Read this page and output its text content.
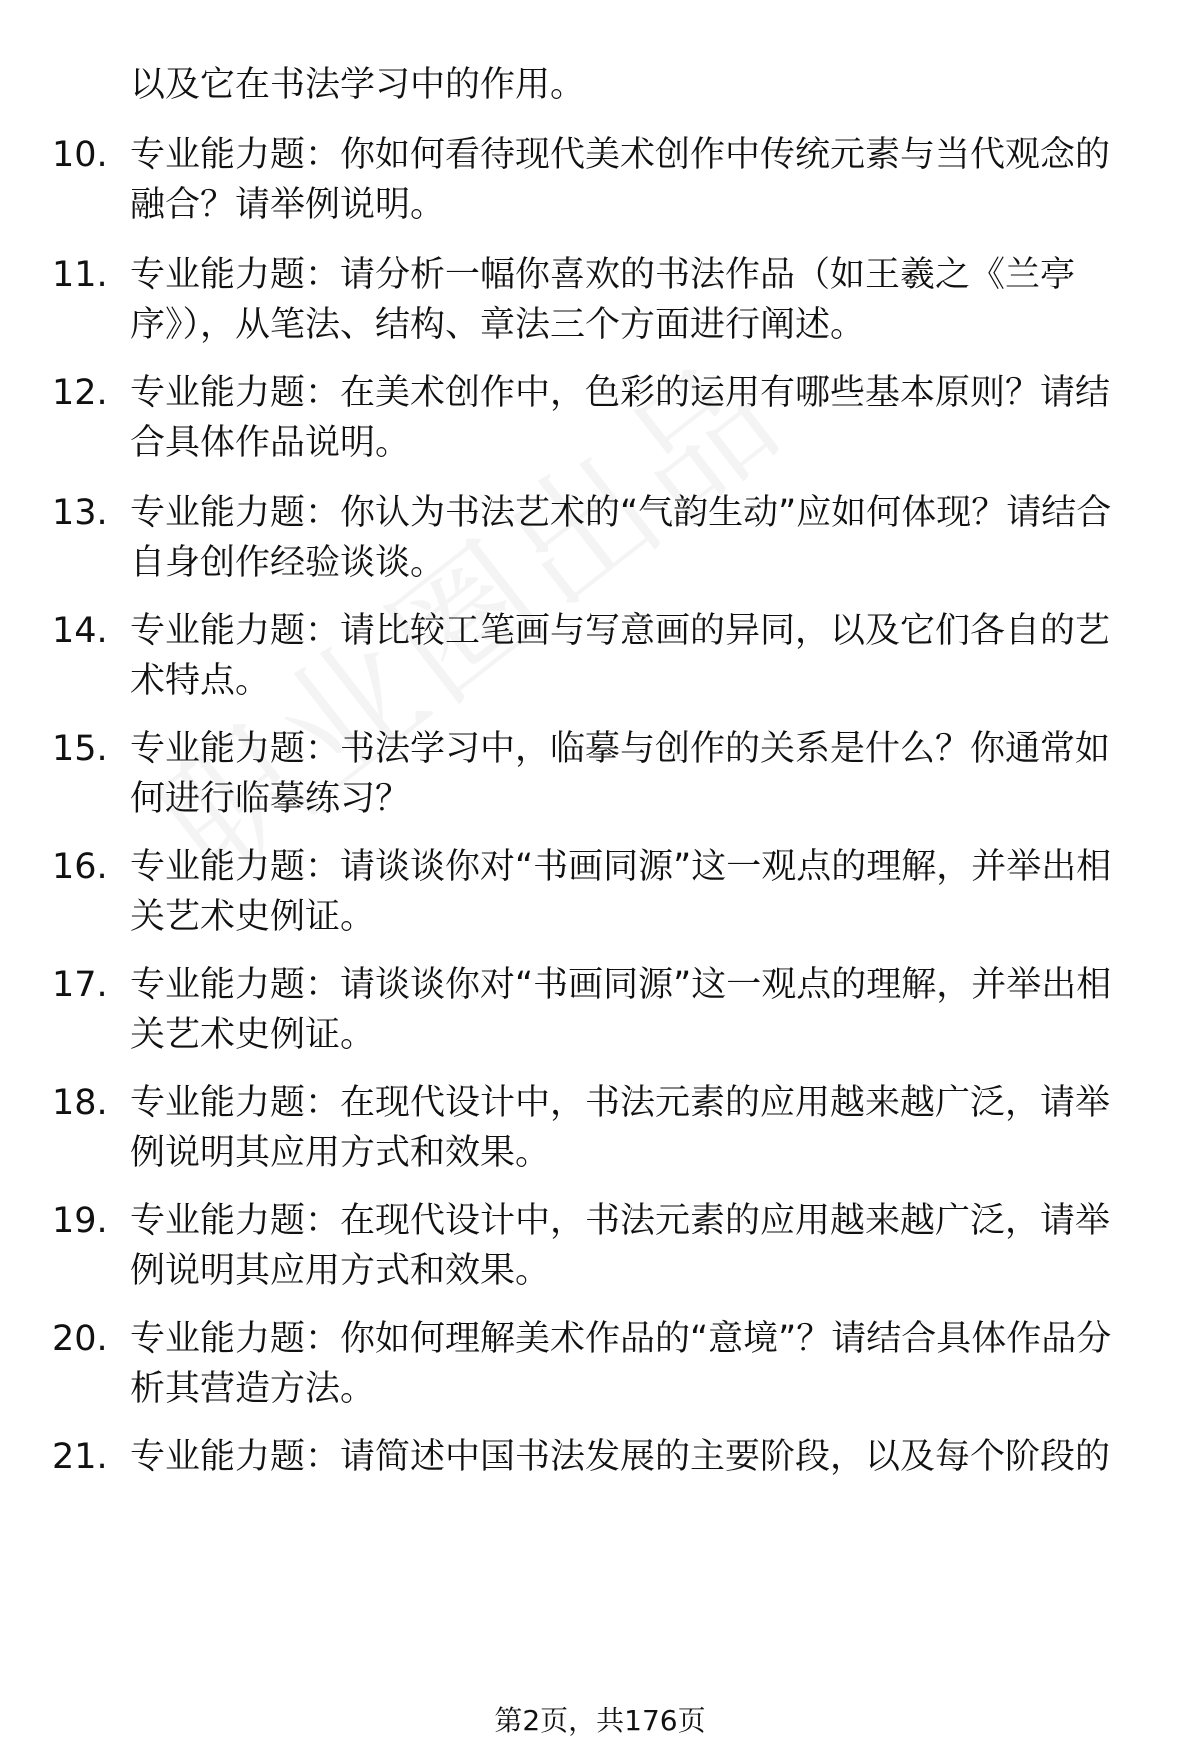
以及它在书法学习中的作用。

10. 专业能力题：你如何看待现代美术创作中传统元素与当代观念的融合？请举例说明。
11. 专业能力题：请分析一幅你喜欢的书法作品（如王羲之《兰亭序》），从笔法、结构、章法三个方面进行阐述。
12. 专业能力题：在美术创作中，色彩的运用有哪些基本原则？请结合具体作品说明。
13. 专业能力题：你认为书法艺术的“气韵生动”应如何体现？请结合自身创作经验谈谈。
14. 专业能力题：请比较工笔画与写意画的异同，以及它们各自的艺术特点。
15. 专业能力题：书法学习中，临摹与创作的关系是什么？你通常如何进行临摹练习？
16. 专业能力题：请谈谈你对“书画同源”这一观点的理解，并举出相关艺术史例证。
17. 专业能力题：请谈谈你对“书画同源”这一观点的理解，并举出相关艺术史例证。
18. 专业能力题：在现代设计中，书法元素的应用越来越广泛，请举例说明其应用方式和效果。
19. 专业能力题：在现代设计中，书法元素的应用越来越广泛，请举例说明其应用方式和效果。
20. 专业能力题：你如何理解美术作品的“意境”？请结合具体作品分析其营造方法。
21. 专业能力题：请简述中国书法发展的主要阶段，以及每个阶段的
第2页，共176页
